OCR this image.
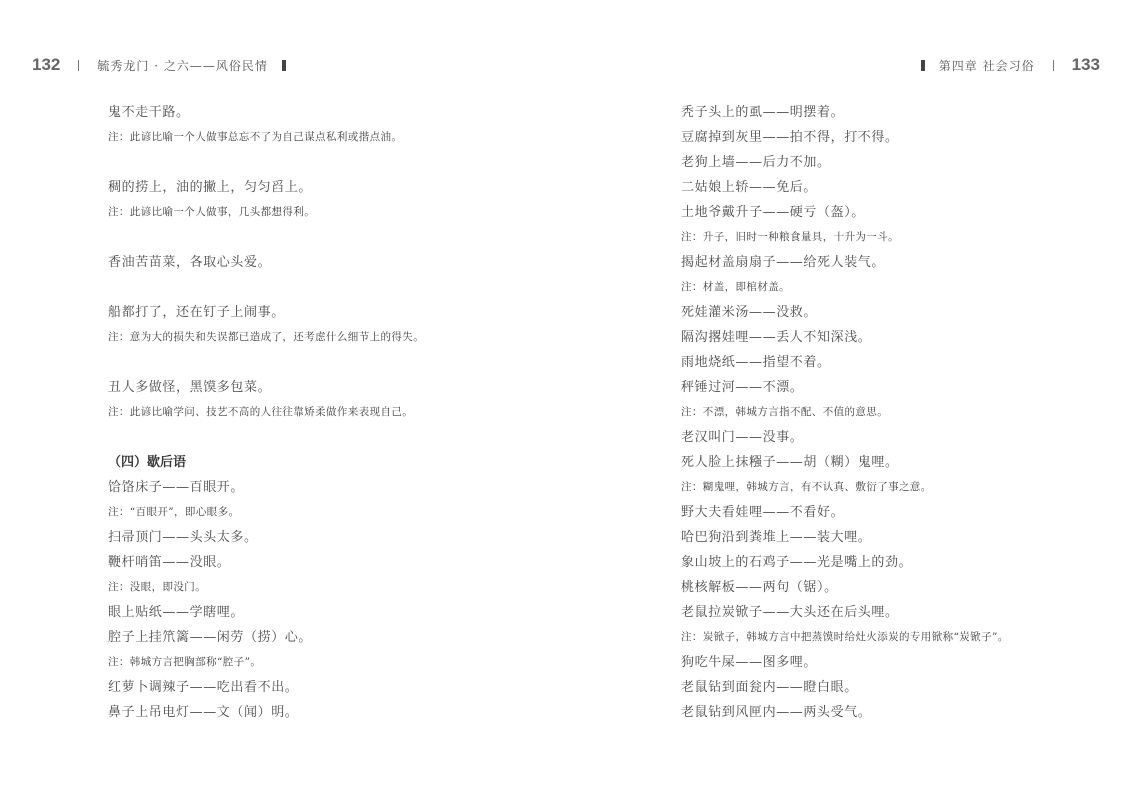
132	毓秀龙门 · 之六——风俗民情	第四章 社会习俗 133
鬼不走干路。
注：此谚比喻一个人做事总忘不了为自己谋点私利或揩点油。
稠的捞上，油的撇上，匀匀舀上。
注：此谚比喻一个人做事，几头都想得利。
香油苦苗菜，各取心头爱。
船都打了，还在钉子上闹事。
注：意为大的损失和失误都已造成了，还考虑什么细节上的得失。
丑人多做怪，黑馍多包菜。
注：此谚比喻学问、技艺不高的人往往靠矫柔做作来表现自己。
（四）歇后语
饸饹床子——百眼开。
注：“百眼开”，即心眼多。
扫帚顶门——头头太多。
鞭杆哨笛——没眼。
注：没眼，即没门。
眼上贴纸——学瞎哩。
腔子上挂笊篱——闲劳（捞）心。
注：韩城方言把胸部称“腔子”。
红萝卜调辣子——吃出看不出。
鼻子上吊电灯——文（闻）明。
秃子头上的虱——明摆着。
豆腐掉到灰里——拍不得，打不得。
老狗上墙——后力不加。
二姑娘上轿——免后。
土地爷戴升子——硬亏（盔）。
注：升子，旧时一种粮食量具，十升为一斗。
揭起材盖扇扇子——给死人装气。
注：材盖，即棺材盖。
死娃灌米汤——没救。
隔沟撂娃哩——丢人不知深浅。
雨地烧纸——指望不着。
秤锤过河——不漂。
注：不漂，韩城方言指不配、不值的意思。
老汉叫门——没事。
死人脸上抹糨子——胡（糊）鬼哩。
注：糊鬼哩，韩城方言，有不认真、敷衍了事之意。
野大夫看娃哩——不看好。
哈巴狗沿到粪堆上——装大哩。
象山坡上的石鸡子——光是嘴上的劲。
桃核解板——两句（锯）。
老鼠拉炭锨子——大头还在后头哩。
注：炭锨子，韩城方言中把蒸馍时给灶火添炭的专用锨称“炭锨子”。
狗吃牛屎——图多哩。
老鼠钻到面瓮内——瞪白眼。
老鼠钻到风匣内——两头受气。
